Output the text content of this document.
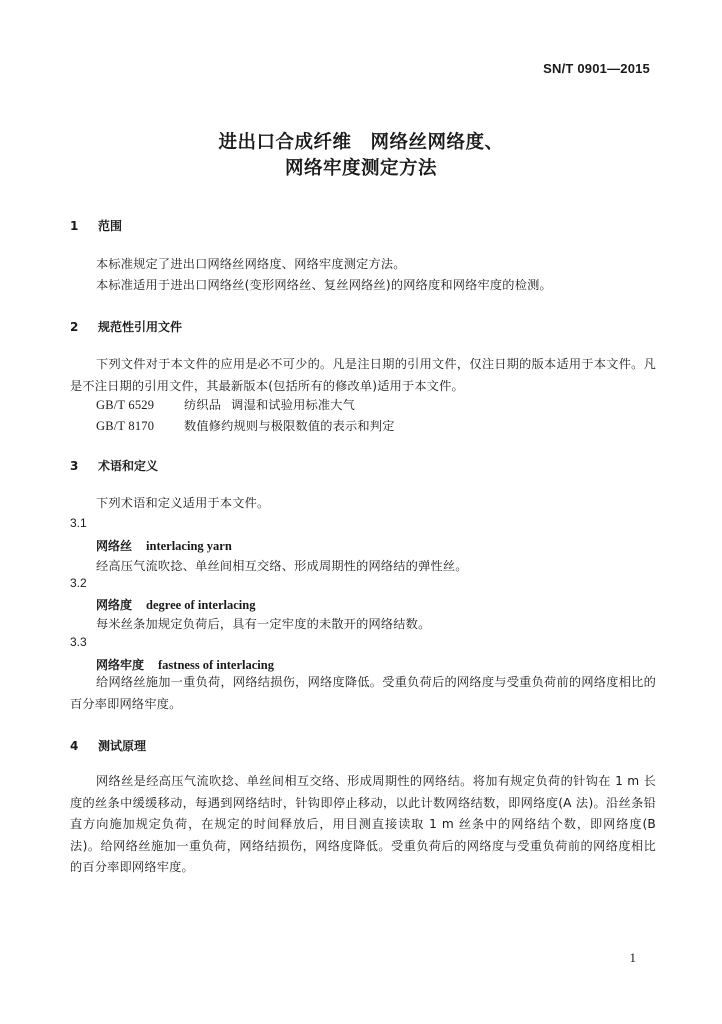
SN/T 0901—2015
进出口合成纤维　网络丝网络度、
网络牢度测定方法
1 范围
本标准规定了进出口网络丝网络度、网络牢度测定方法。
本标准适用于进出口网络丝(变形网络丝、复丝网络丝)的网络度和网络牢度的检测。
2 规范性引用文件
下列文件对于本文件的应用是必不可少的。凡是注日期的引用文件，仅注日期的版本适用于本文件。凡是不注日期的引用文件，其最新版本(包括所有的修改单)适用于本文件。
GB/T 6529 纺织品 调湿和试验用标准大气
GB/T 8170 数值修约规则与极限数值的表示和判定
3 术语和定义
下列术语和定义适用于本文件。
3.1
网络丝 interlacing yarn
经高压气流吹捻、单丝间相互交络、形成周期性的网络结的弹性丝。
3.2
网络度 degree of interlacing
每米丝条加规定负荷后，具有一定牢度的未散开的网络结数。
3.3
网络牢度 fastness of interlacing
给网络丝施加一重负荷，网络结损伤，网络度降低。受重负荷后的网络度与受重负荷前的网络度相比的百分率即网络牢度。
4 测试原理
网络丝是经高压气流吹捻、单丝间相互交络、形成周期性的网络结。将加有规定负荷的针钩在 1 m 长度的丝条中缓缓移动，每遇到网络结时，针钩即停止移动，以此计数网络结数，即网络度(A 法)。沿丝条铅直方向施加规定负荷，在规定的时间释放后，用目测直接读取 1 m 丝条中的网络结个数，即网络度(B 法)。给网络丝施加一重负荷，网络结损伤，网络度降低。受重负荷后的网络度与受重负荷前的网络度相比的百分率即网络牢度。
1
